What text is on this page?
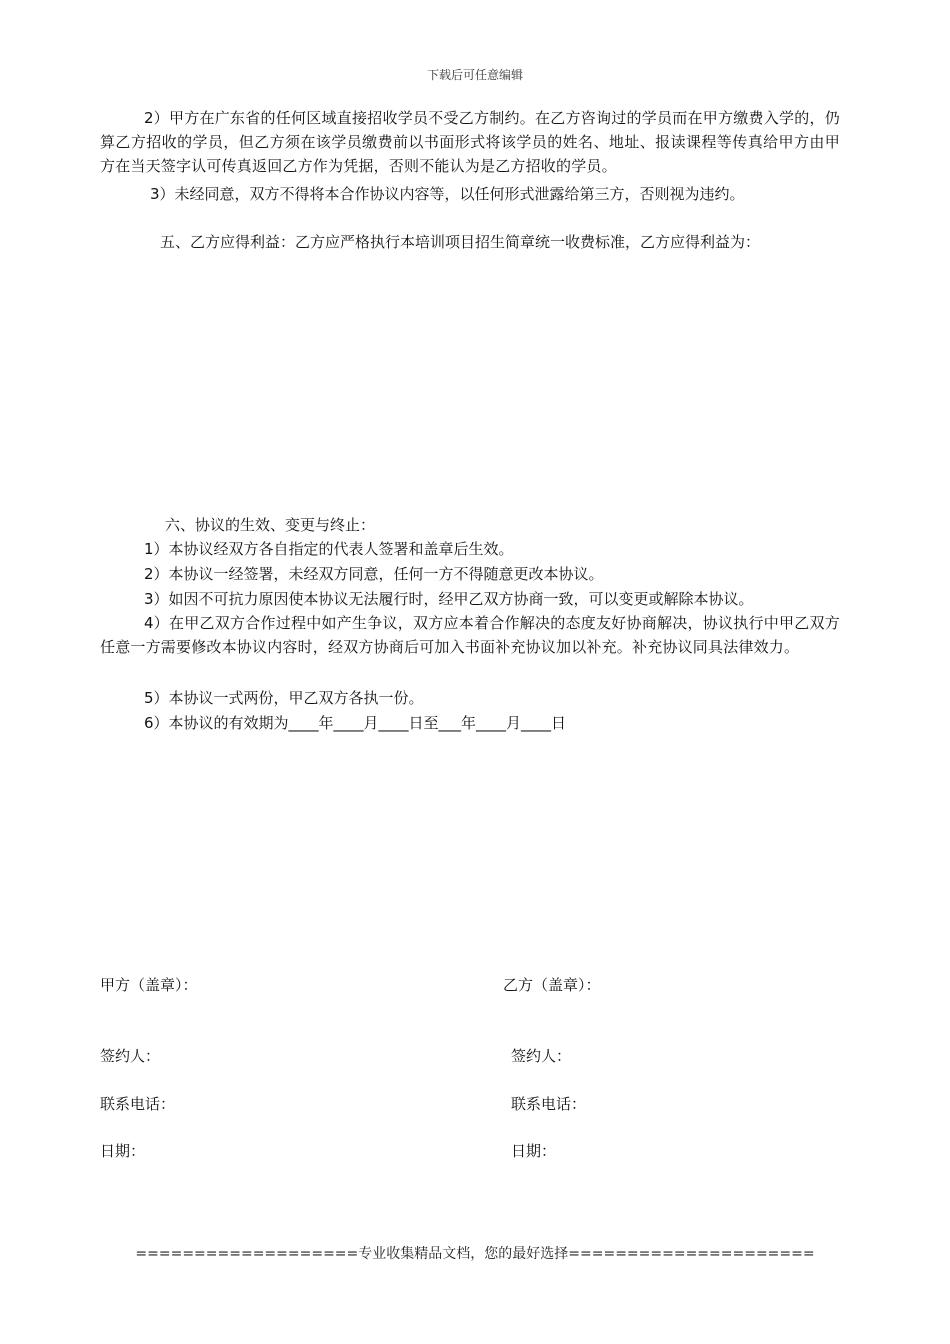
下载后可任意编辑
2）甲方在广东省的任何区域直接招收学员不受乙方制约。在乙方咨询过的学员而在甲方缴费入学的，仍算乙方招收的学员，但乙方须在该学员缴费前以书面形式将该学员的姓名、地址、报读课程等传真给甲方由甲方在当天签字认可传真返回乙方作为凭据，否则不能认为是乙方招收的学员。
3）未经同意，双方不得将本合作协议内容等，以任何形式泄露给第三方，否则视为违约。
五、乙方应得利益：乙方应严格执行本培训项目招生简章统一收费标准，乙方应得利益为：
六、协议的生效、变更与终止：
1）本协议经双方各自指定的代表人签署和盖章后生效。
2）本协议一经签署，未经双方同意，任何一方不得随意更改本协议。
3）如因不可抗力原因使本协议无法履行时，经甲乙双方协商一致，可以变更或解除本协议。
4）在甲乙双方合作过程中如产生争议，双方应本着合作解决的态度友好协商解决，协议执行中甲乙双方任意一方需要修改本协议内容时，经双方协商后可加入书面补充协议加以补充。补充协议同具法律效力。
5）本协议一式两份，甲乙双方各执一份。
6）本协议的有效期为____年____月____日至___年____月____日
甲方（盖章）：	乙方（盖章）：
签约人：	签约人：
联系电话：	联系电话：
日期：	日期：
===================专业收集精品文档，您的最好选择=====================
